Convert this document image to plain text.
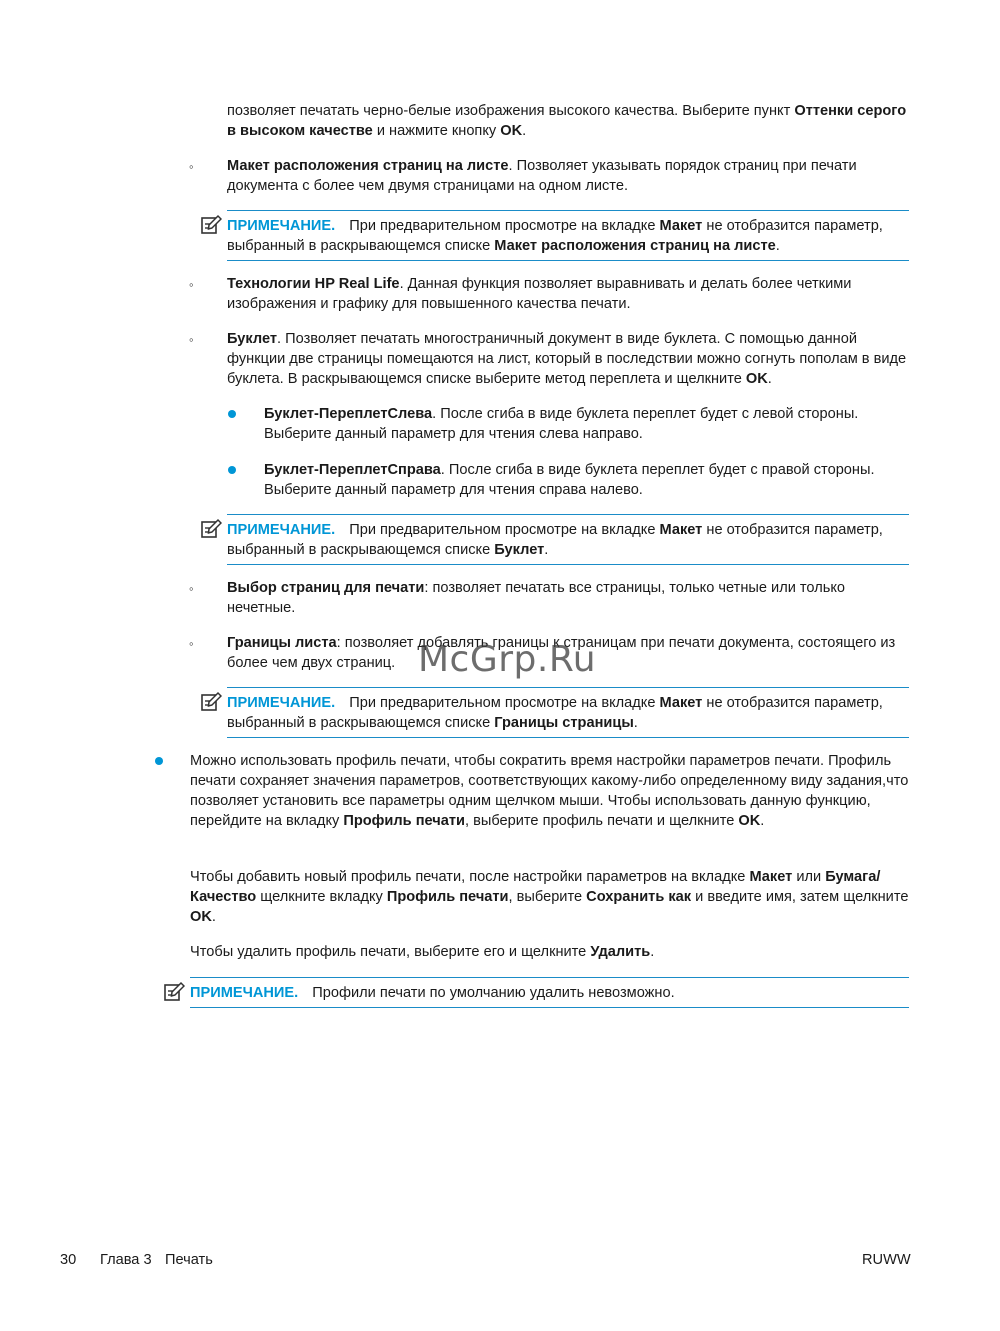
позволяет печатать черно-белые изображения высокого качества. Выберите пункт Оттенки серого в высоком качестве и нажмите кнопку OK.

◦ Макет расположения страниц на листе. Позволяет указывать порядок страниц при печати документа с более чем двумя страницами на одном листе.

ПРИМЕЧАНИЕ. При предварительном просмотре на вкладке Макет не отобразится параметр, выбранный в раскрывающемся списке Макет расположения страниц на листе.
◦ Технологии HP Real Life. Данная функция позволяет выравнивать и делать более четкими изображения и графику для повышенного качества печати.

◦ Буклет. Позволяет печатать многостраничный документ в виде буклета. С помощью данной функции две страницы помещаются на лист, который в последствии можно согнуть пополам в виде буклета. В раскрывающемся списке выберите метод переплета и щелкните OK.

Буклет-ПереплетСлева. После сгиба в виде буклета переплет будет с левой стороны. Выберите данный параметр для чтения слева направо.

Буклет-ПереплетСправа. После сгиба в виде буклета переплет будет с правой стороны. Выберите данный параметр для чтения справа налево.

ПРИМЕЧАНИЕ. При предварительном просмотре на вкладке Макет не отобразится параметр, выбранный в раскрывающемся списке Буклет.
◦ Выбор страниц для печати: позволяет печатать все страницы, только четные или только нечетные.

◦ Границы листа: позволяет добавлять границы к страницам при печати документа, состоящего из более чем двух страниц. McGrp.Ru
ПРИМЕЧАНИЕ. При предварительном просмотре на вкладке Макет не отобразится параметр, выбранный в раскрывающемся списке Границы страницы.

Можно использовать профиль печати, чтобы сократить время настройки параметров печати. Профиль печати сохраняет значения параметров, соответствующих какому-либо определенному виду задания,что позволяет установить все параметры одним щелчком мыши. Чтобы использовать данную функцию, перейдите на вкладку Профиль печати, выберите профиль печати и щелкните OK.

Чтобы добавить новый профиль печати, после настройки параметров на вкладке Макет или Бумага/Качество щелкните вкладку Профиль печати, выберите Сохранить как и введите имя, затем щелкните OK.

Чтобы удалить профиль печати, выберите его и щелкните Удалить.

ПРИМЕЧАНИЕ. Профили печати по умолчанию удалить невозможно.
30 Глава 3 Печать	RUWW
